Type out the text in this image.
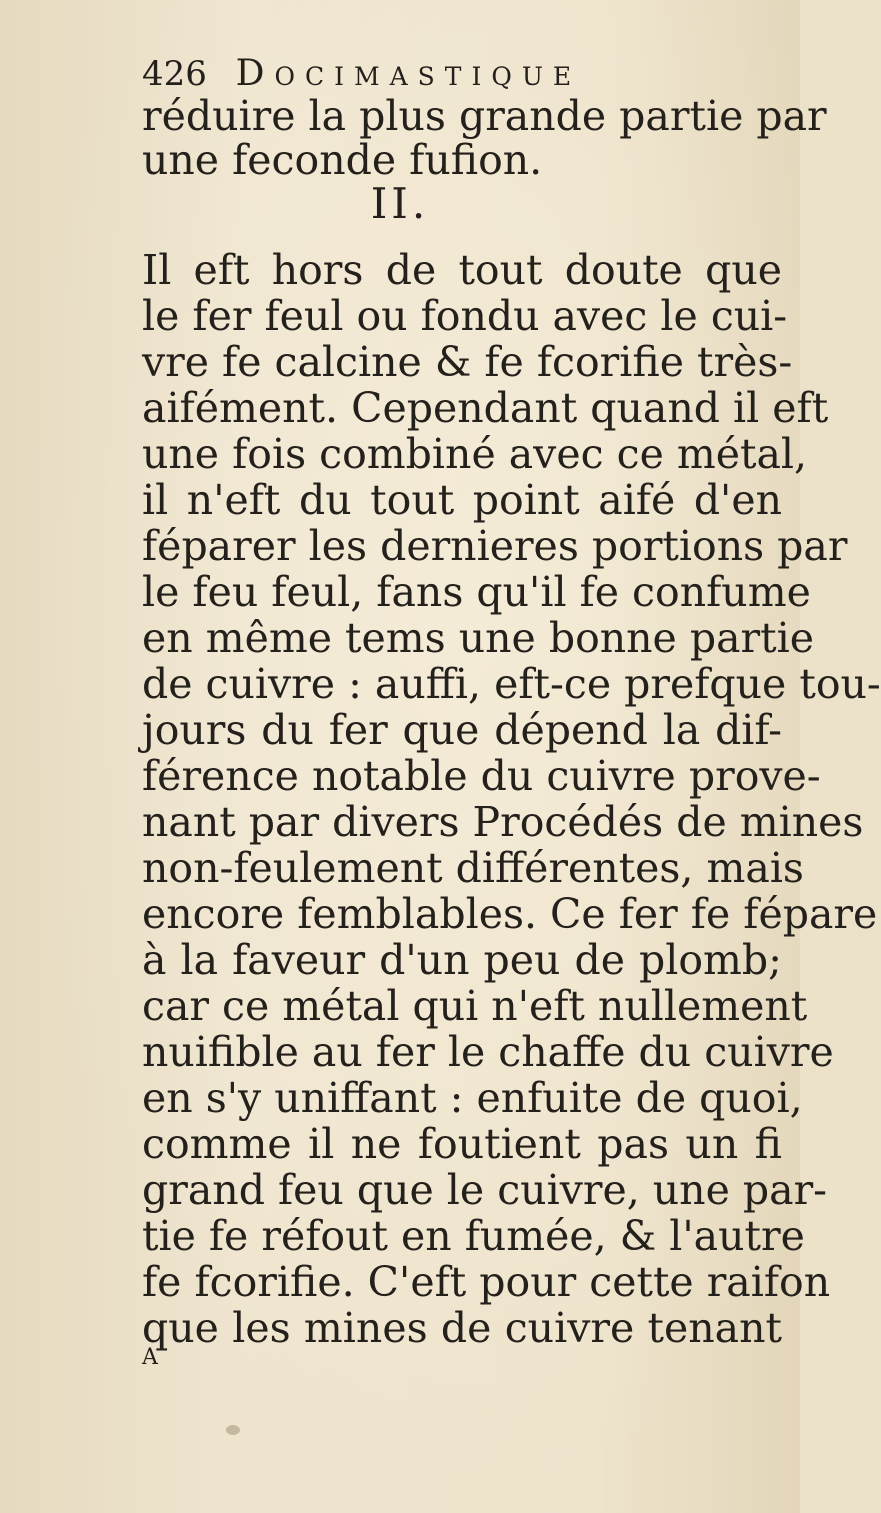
426 Docimastique
réduire la plus grande partie par
une feconde fufion.
II.
Il eft hors de tout doute que
le fer feul ou fondu avec le cui-
vre fe calcine & fe fcorifie très-
aifément. Cependant quand il eft
une fois combiné avec ce métal,
il n'eft du tout point aifé d'en
féparer les dernieres portions par
le feu feul, fans qu'il fe confume
en même tems une bonne partie
de cuivre : auffi, eft-ce prefque tou-
jours du fer que dépend la dif-
férence notable du cuivre prove-
nant par divers Procédés de mines
non-feulement différentes, mais
encore femblables. Ce fer fe fépare
à la faveur d'un peu de plomb;
car ce métal qui n'eft nullement
nuifible au fer le chaffe du cuivre
en s'y uniffant : enfuite de quoi,
comme il ne foutient pas un fi
grand feu que le cuivre, une par-
tie fe réfout en fumée, & l'autre
fe fcorifie. C'eft pour cette raifon
que les mines de cuivre tenant
A
